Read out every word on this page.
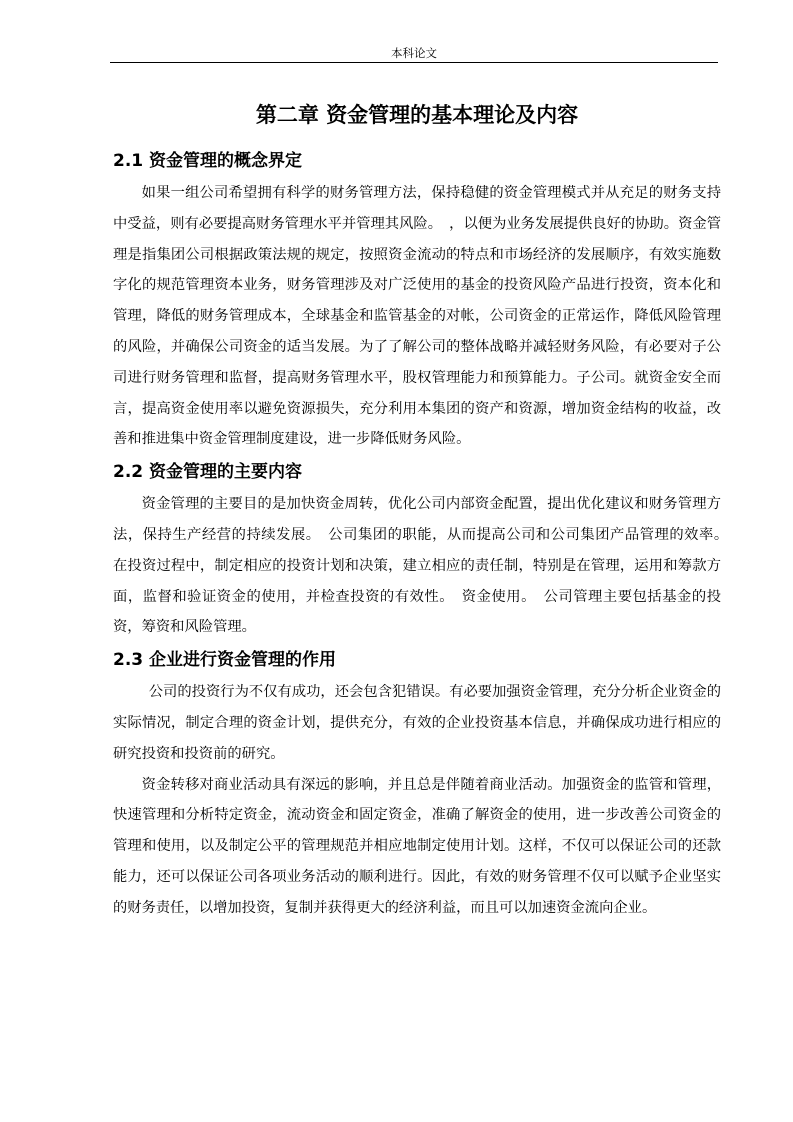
本科论文
第二章 资金管理的基本理论及内容
2.1 资金管理的概念界定

如果一组公司希望拥有科学的财务管理方法，保持稳健的资金管理模式并从充足的财务支持中受益，则有必要提高财务管理水平并管理其风险。　，以便为业务发展提供良好的协助。资金管理是指集团公司根据政策法规的规定，按照资金流动的特点和市场经济的发展顺序，有效实施数字化的规范管理资本业务，财务管理涉及对广泛使用的基金的投资风险产品进行投资，资本化和管理，降低的财务管理成本，全球基金和监管基金的对帐，公司资金的正常运作，降低风险管理的风险，并确保公司资金的适当发展。为了了解公司的整体战略并减轻财务风险，有必要对子公司进行财务管理和监督，提高财务管理水平，股权管理能力和预算能力。子公司。就资金安全而言，提高资金使用率以避免资源损失，充分利用本集团的资产和资源，增加资金结构的收益，改善和推进集中资金管理制度建设，进一步降低财务风险。

2.2 资金管理的主要内容

资金管理的主要目的是加快资金周转，优化公司内部资金配置，提出优化建议和财务管理方法，保持生产经营的持续发展。　公司集团的职能，从而提高公司和公司集团产品管理的效率。　在投资过程中，制定相应的投资计划和决策，建立相应的责任制，特别是在管理，运用和筹款方面，监督和验证资金的使用，并检查投资的有效性。　资金使用。　公司管理主要包括基金的投资，筹资和风险管理。

2.3 企业进行资金管理的作用

公司的投资行为不仅有成功，还会包含犯错误。有必要加强资金管理，充分分析企业资金的实际情况，制定合理的资金计划，提供充分，有效的企业投资基本信息，并确保成功进行相应的研究投资和投资前的研究。

资金转移对商业活动具有深远的影响，并且总是伴随着商业活动。加强资金的监管和管理，快速管理和分析特定资金，流动资金和固定资金，准确了解资金的使用，进一步改善公司资金的管理和使用，以及制定公平的管理规范并相应地制定使用计划。这样，不仅可以保证公司的还款能力，还可以保证公司各项业务活动的顺利进行。因此，有效的财务管理不仅可以赋予企业坚实的财务责任，以增加投资，复制并获得更大的经济利益，而且可以加速资金流向企业。
